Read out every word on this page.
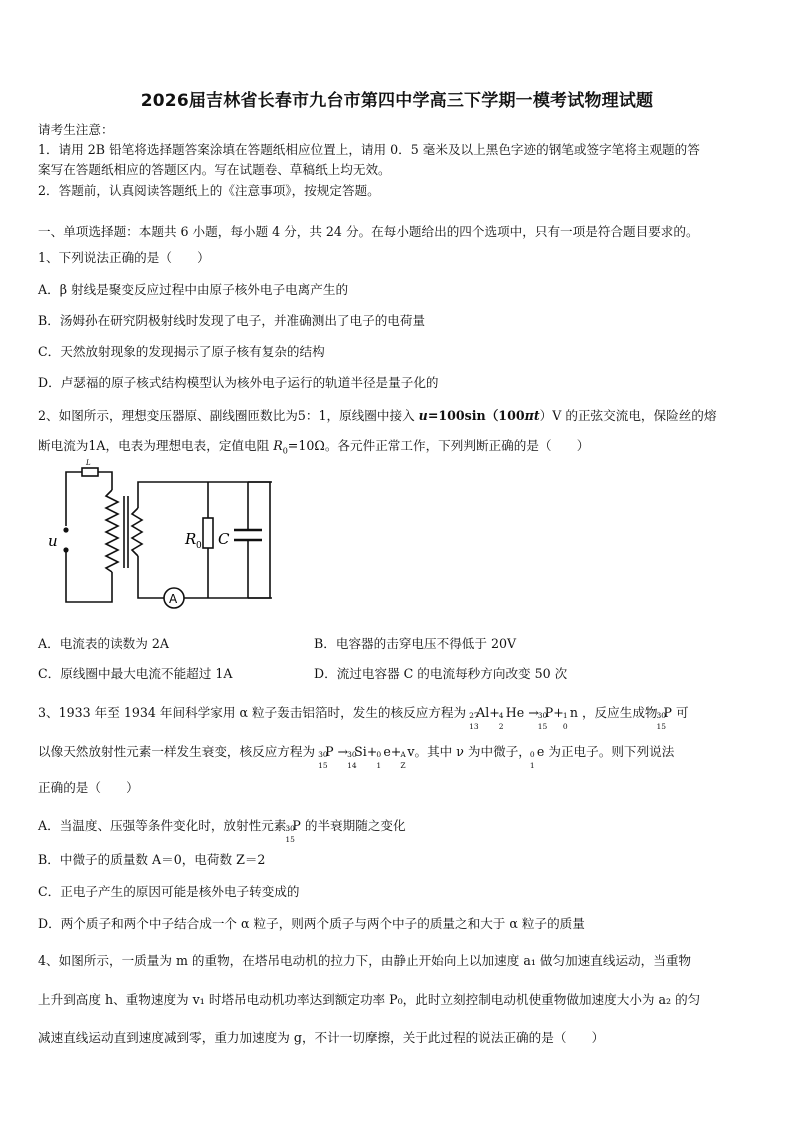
2026届吉林省长春市九台市第四中学高三下学期一模考试物理试题
请考生注意：
1．请用 2B 铅笔将选择题答案涂填在答题纸相应位置上，请用 0．5 毫米及以上黑色字迹的钢笔或签字笔将主观题的答
案写在答题纸相应的答题区内。写在试题卷、草稿纸上均无效。
2．答题前，认真阅读答题纸上的《注意事项》，按规定答题。
一、单项选择题：本题共 6 小题，每小题 4 分，共 24 分。在每小题给出的四个选项中，只有一项是符合题目要求的。
1、下列说法正确的是（　　）
A．β 射线是聚变反应过程中由原子核外电子电离产生的
B．汤姆孙在研究阴极射线时发现了电子，并准确测出了电子的电荷量
C．天然放射现象的发现揭示了原子核有复杂的结构
D．卢瑟福的原子核式结构模型认为核外电子运行的轨道半径是量子化的
2、如图所示，理想变压器原、副线圈匝数比为5：1，原线圈中接入 u=100sin（100πt）V 的正弦交流电，保险丝的熔
断电流为1A，电表为理想电表，定值电阻 $R_0=10\Omega$。各元件正常工作，下列判断正确的是（　　）
u
L
R 0 C
A
A．电流表的读数为 2A	B．电容器的击穿电压不得低于 20V
C．原线圈中最大电流不能超过 1A	D．流过电容器 C 的电流每秒方向改变 50 次
3、1933 年至 1934 年间科学家用 α 粒子轰击铝箔时，发生的核反应方程为 27
13
Al+ 4
2
He → 30
15
P+ 1
0
n ，反应生成物 30
15
P 可
以像天然放射性元素一样发生衰变，核反应方程为 30
15
P → 30
14
Si+ 0
1
e+ A
Z
v。其中 ν 为中微子， 0
1
e 为正电子。则下列说法
正确的是（　　）
A．当温度、压强等条件变化时，放射性元素 30
15
P 的半衰期随之变化
B．中微子的质量数 A＝0，电荷数 Z＝2
C．正电子产生的原因可能是核外电子转变成的
D．两个质子和两个中子结合成一个 α 粒子，则两个质子与两个中子的质量之和大于 α 粒子的质量
4、如图所示，一质量为 m 的重物，在塔吊电动机的拉力下，由静止开始向上以加速度 a₁ 做匀加速直线运动，当重物
上升到高度 h、重物速度为 v₁ 时塔吊电动机功率达到额定功率 P₀，此时立刻控制电动机使重物做加速度大小为 a₂ 的匀
减速直线运动直到速度减到零，重力加速度为 g，不计一切摩擦，关于此过程的说法正确的是（　　）
